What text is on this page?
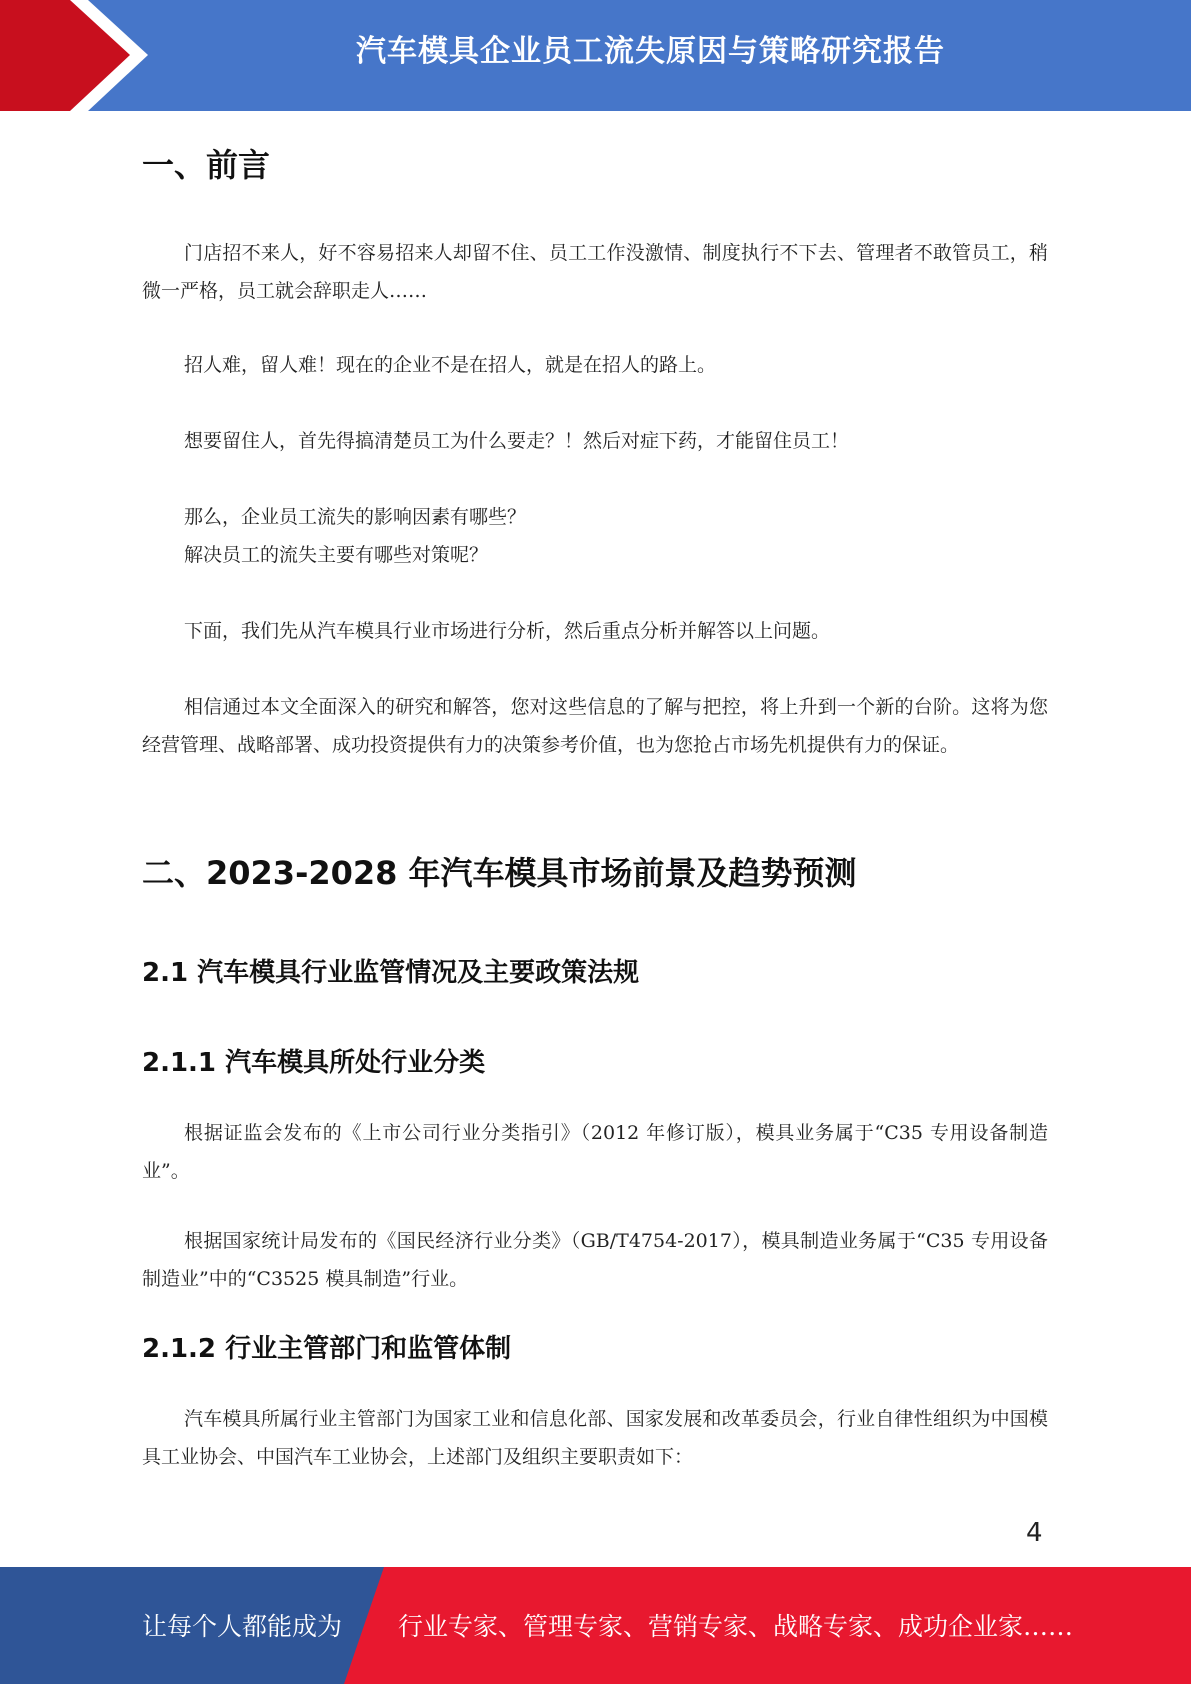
汽车模具企业员工流失原因与策略研究报告
一、前言

门店招不来人，好不容易招来人却留不住、员工工作没激情、制度执行不下去、管理者不敢管员工，稍微一严格，员工就会辞职走人……

招人难，留人难！现在的企业不是在招人，就是在招人的路上。

想要留住人，首先得搞清楚员工为什么要走？！然后对症下药，才能留住员工！

那么，企业员工流失的影响因素有哪些？

解决员工的流失主要有哪些对策呢？

下面，我们先从汽车模具行业市场进行分析，然后重点分析并解答以上问题。

相信通过本文全面深入的研究和解答，您对这些信息的了解与把控，将上升到一个新的台阶。这将为您经营管理、战略部署、成功投资提供有力的决策参考价值，也为您抢占市场先机提供有力的保证。

二、2023-2028 年汽车模具市场前景及趋势预测
2.1 汽车模具行业监管情况及主要政策法规
2.1.1 汽车模具所处行业分类

根据证监会发布的《上市公司行业分类指引》（2012 年修订版），模具业务属于“C35 专用设备制造业”。

根据国家统计局发布的《国民经济行业分类》（GB/T4754-2017），模具制造业务属于“C35 专用设备制造业”中的“C3525 模具制造”行业。

2.1.2 行业主管部门和监管体制

汽车模具所属行业主管部门为国家工业和信息化部、国家发展和改革委员会，行业自律性组织为中国模具工业协会、中国汽车工业协会，上述部门及组织主要职责如下：

4
让每个人都能成为 行业专家、管理专家、营销专家、战略专家、成功企业家……
